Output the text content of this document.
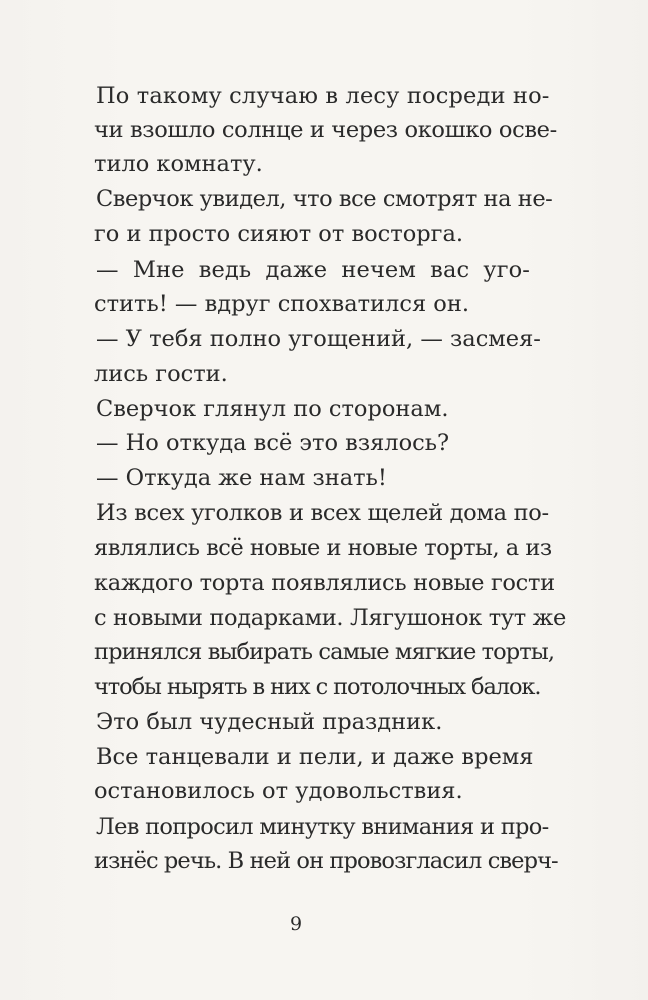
По такому случаю в лесу посреди но-
чи взошло солнце и через окошко осве-
тило комнату.
Сверчок увидел, что все смотрят на не-
го и просто сияют от восторга.
— Мне ведь даже нечем вас уго-
стить! — вдруг спохватился он.
— У тебя полно угощений, — засмея-
лись гости.
Сверчок глянул по сторонам.
— Но откуда всё это взялось?
— Откуда же нам знать!
Из всех уголков и всех щелей дома по-
являлись всё новые и новые торты, а из
каждого торта появлялись новые гости
с новыми подарками. Лягушонок тут же
принялся выбирать самые мягкие торты,
чтобы нырять в них с потолочных балок.
Это был чудесный праздник.
Все танцевали и пели, и даже время
остановилось от удовольствия.
Лев попросил минутку внимания и про-
изнёс речь. В ней он провозгласил сверч-
9
